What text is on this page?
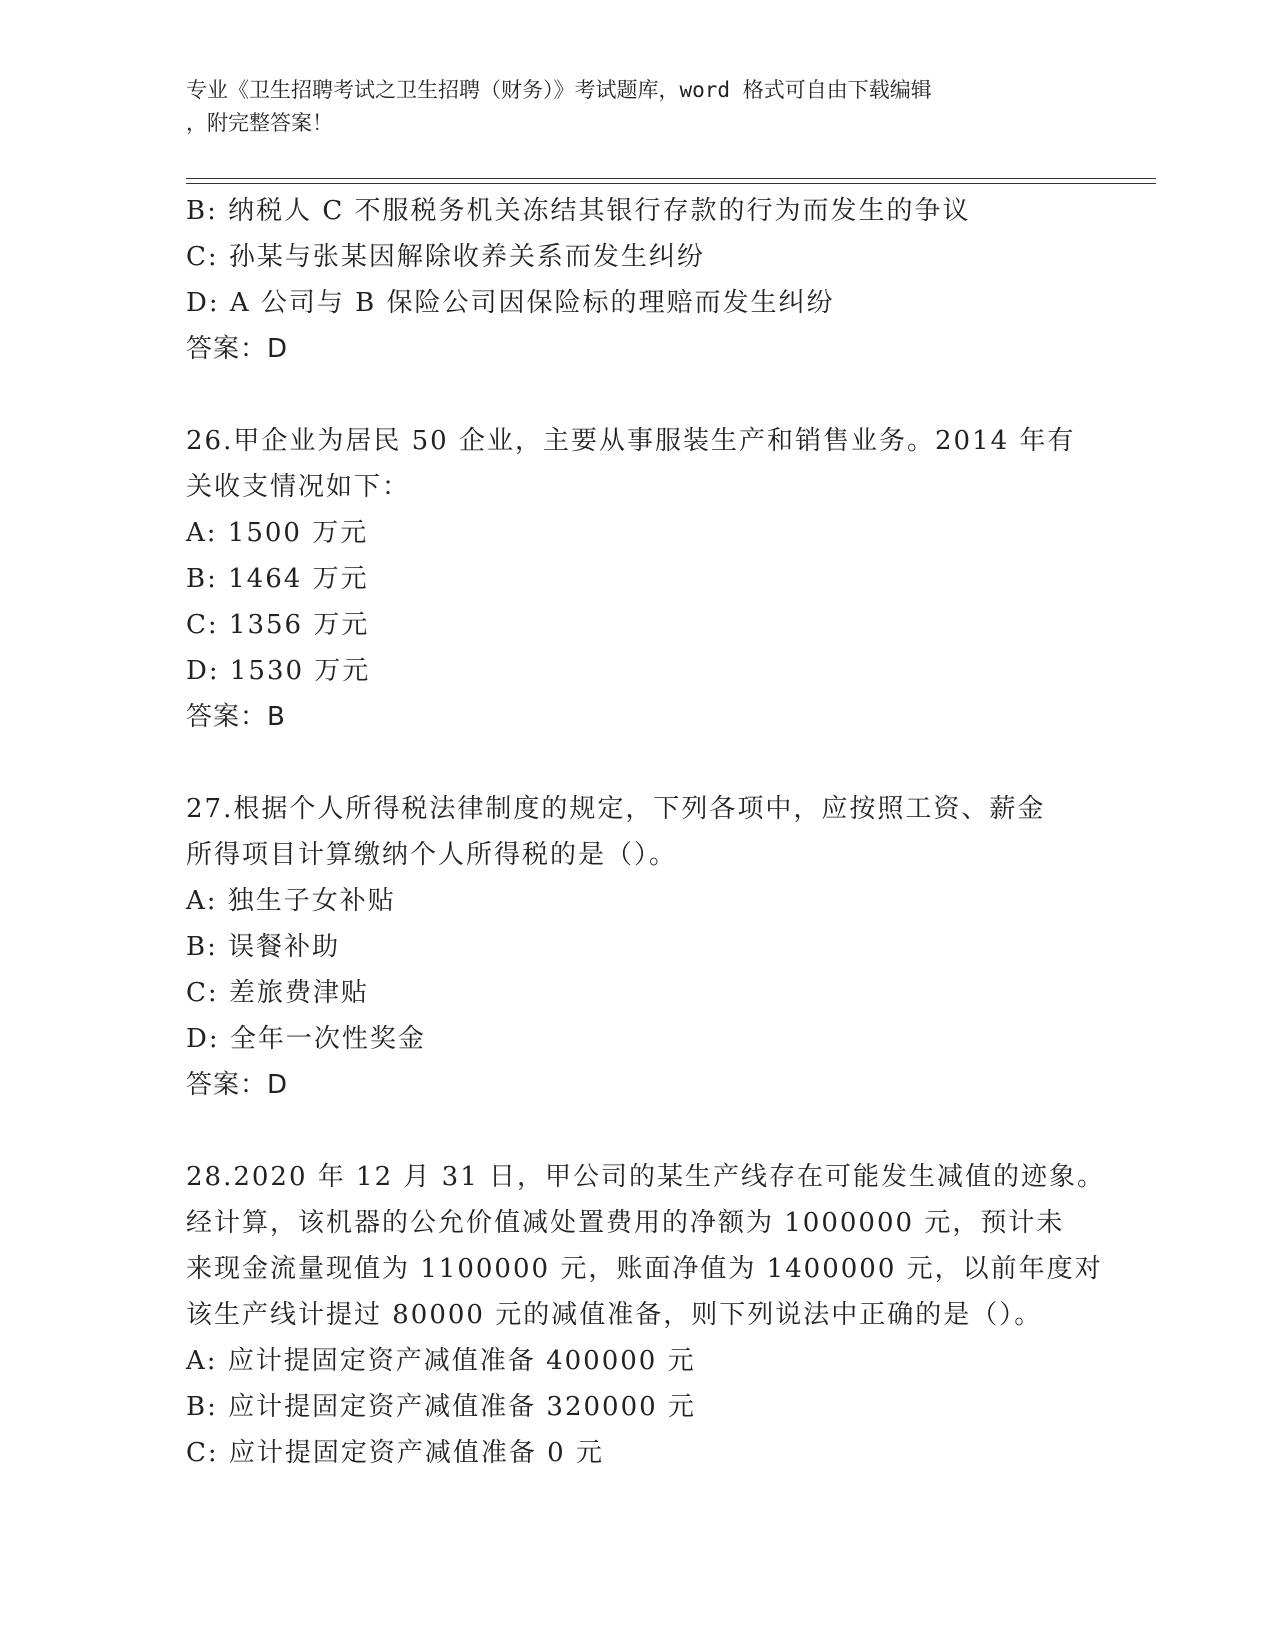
专业《卫生招聘考试之卫生招聘（财务）》考试题库，word 格式可自由下载编辑
，附完整答案！
B: 纳税人 C 不服税务机关冻结其银行存款的行为而发生的争议
C: 孙某与张某因解除收养关系而发生纠纷
D: A 公司与 B 保险公司因保险标的理赔而发生纠纷
答案：D
26.甲企业为居民 50 企业，主要从事服装生产和销售业务。2014 年有
关收支情况如下：
A: 1500 万元
B: 1464 万元
C: 1356 万元
D: 1530 万元
答案：B
27.根据个人所得税法律制度的规定，下列各项中，应按照工资、薪金
所得项目计算缴纳个人所得税的是（）。
A: 独生子女补贴
B: 误餐补助
C: 差旅费津贴
D: 全年一次性奖金
答案：D
28.2020 年 12 月 31 日，甲公司的某生产线存在可能发生减值的迹象。
经计算，该机器的公允价值减处置费用的净额为 1000000 元，预计未
来现金流量现值为 1100000 元，账面净值为 1400000 元，以前年度对
该生产线计提过 80000 元的减值准备，则下列说法中正确的是（）。
A: 应计提固定资产减值准备 400000 元
B: 应计提固定资产减值准备 320000 元
C: 应计提固定资产减值准备 0 元
